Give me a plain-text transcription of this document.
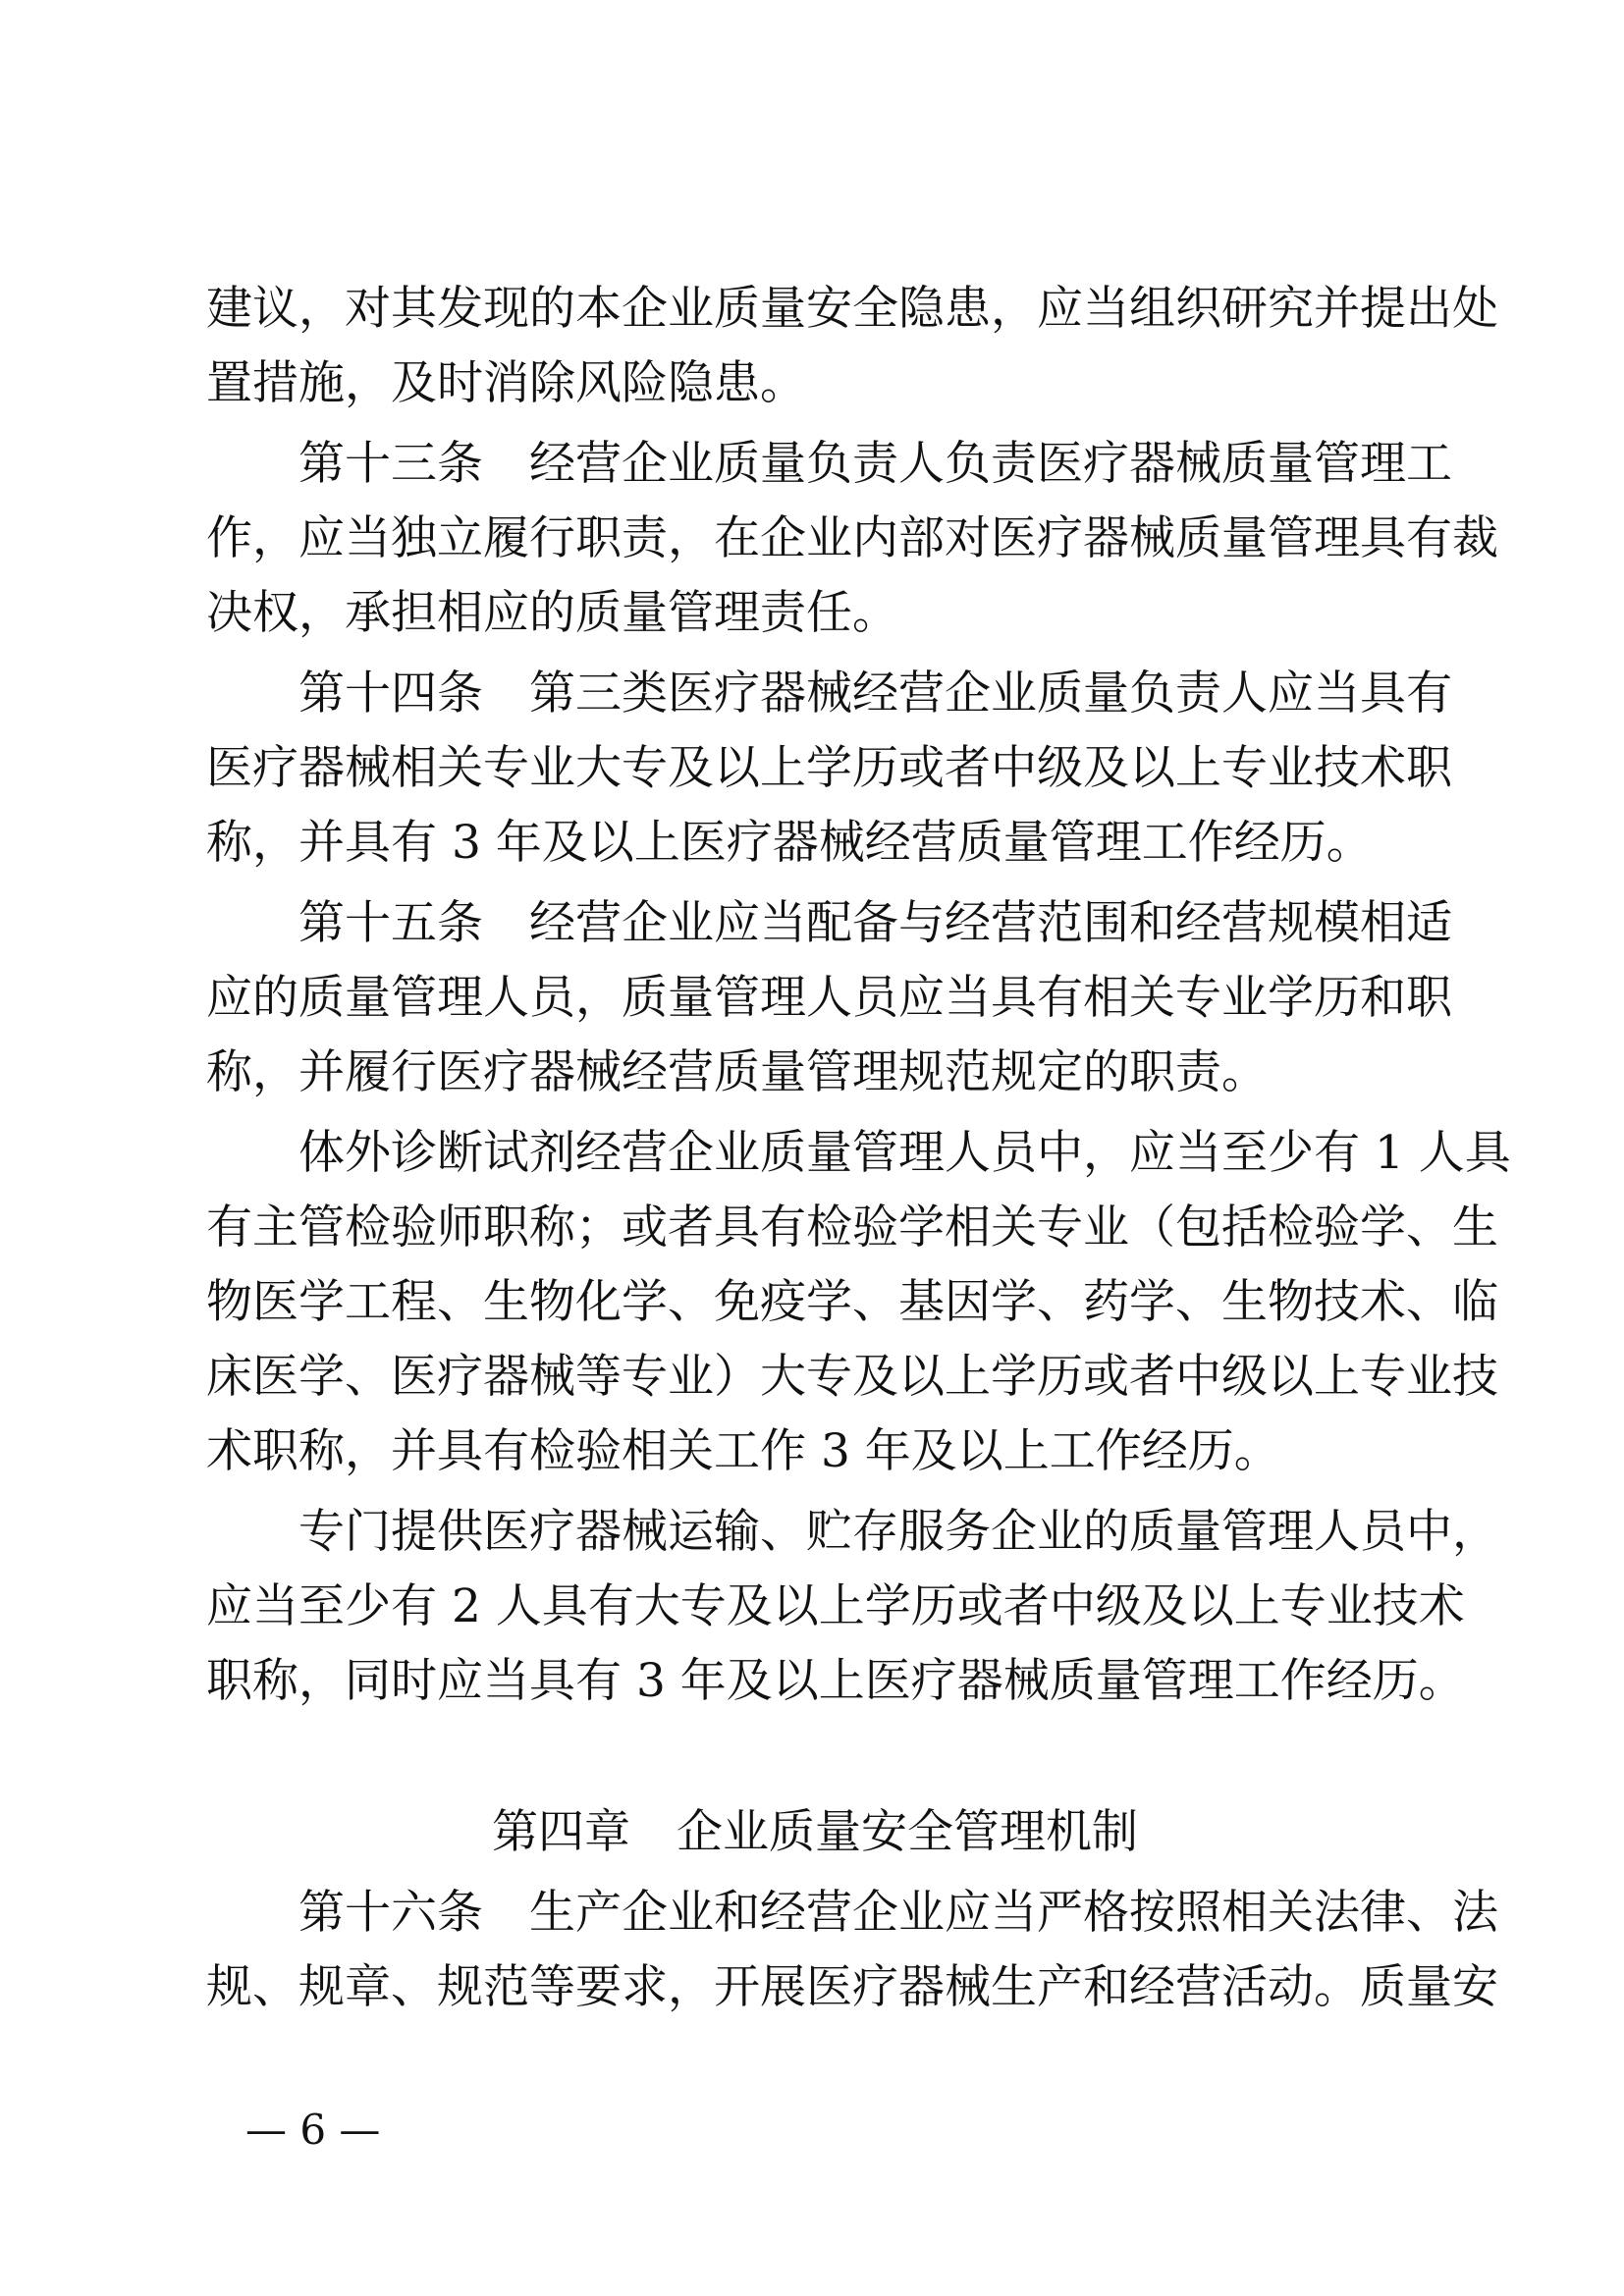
建议，对其发现的本企业质量安全隐患，应当组织研究并提出处
置措施，及时消除风险隐患。
　　第十三条　经营企业质量负责人负责医疗器械质量管理工
作，应当独立履行职责，在企业内部对医疗器械质量管理具有裁
决权，承担相应的质量管理责任。
　　第十四条　第三类医疗器械经营企业质量负责人应当具有
医疗器械相关专业大专及以上学历或者中级及以上专业技术职
称，并具有 3 年及以上医疗器械经营质量管理工作经历。
　　第十五条　经营企业应当配备与经营范围和经营规模相适
应的质量管理人员，质量管理人员应当具有相关专业学历和职
称，并履行医疗器械经营质量管理规范规定的职责。
　　体外诊断试剂经营企业质量管理人员中，应当至少有 1 人具
有主管检验师职称；或者具有检验学相关专业（包括检验学、生
物医学工程、生物化学、免疫学、基因学、药学、生物技术、临
床医学、医疗器械等专业）大专及以上学历或者中级以上专业技
术职称，并具有检验相关工作 3 年及以上工作经历。
　　专门提供医疗器械运输、贮存服务企业的质量管理人员中，
应当至少有 2 人具有大专及以上学历或者中级及以上专业技术
职称，同时应当具有 3 年及以上医疗器械质量管理工作经历。
第四章　企业质量安全管理机制
　　第十六条　生产企业和经营企业应当严格按照相关法律、法
规、规章、规范等要求，开展医疗器械生产和经营活动。质量安
— 6 —
